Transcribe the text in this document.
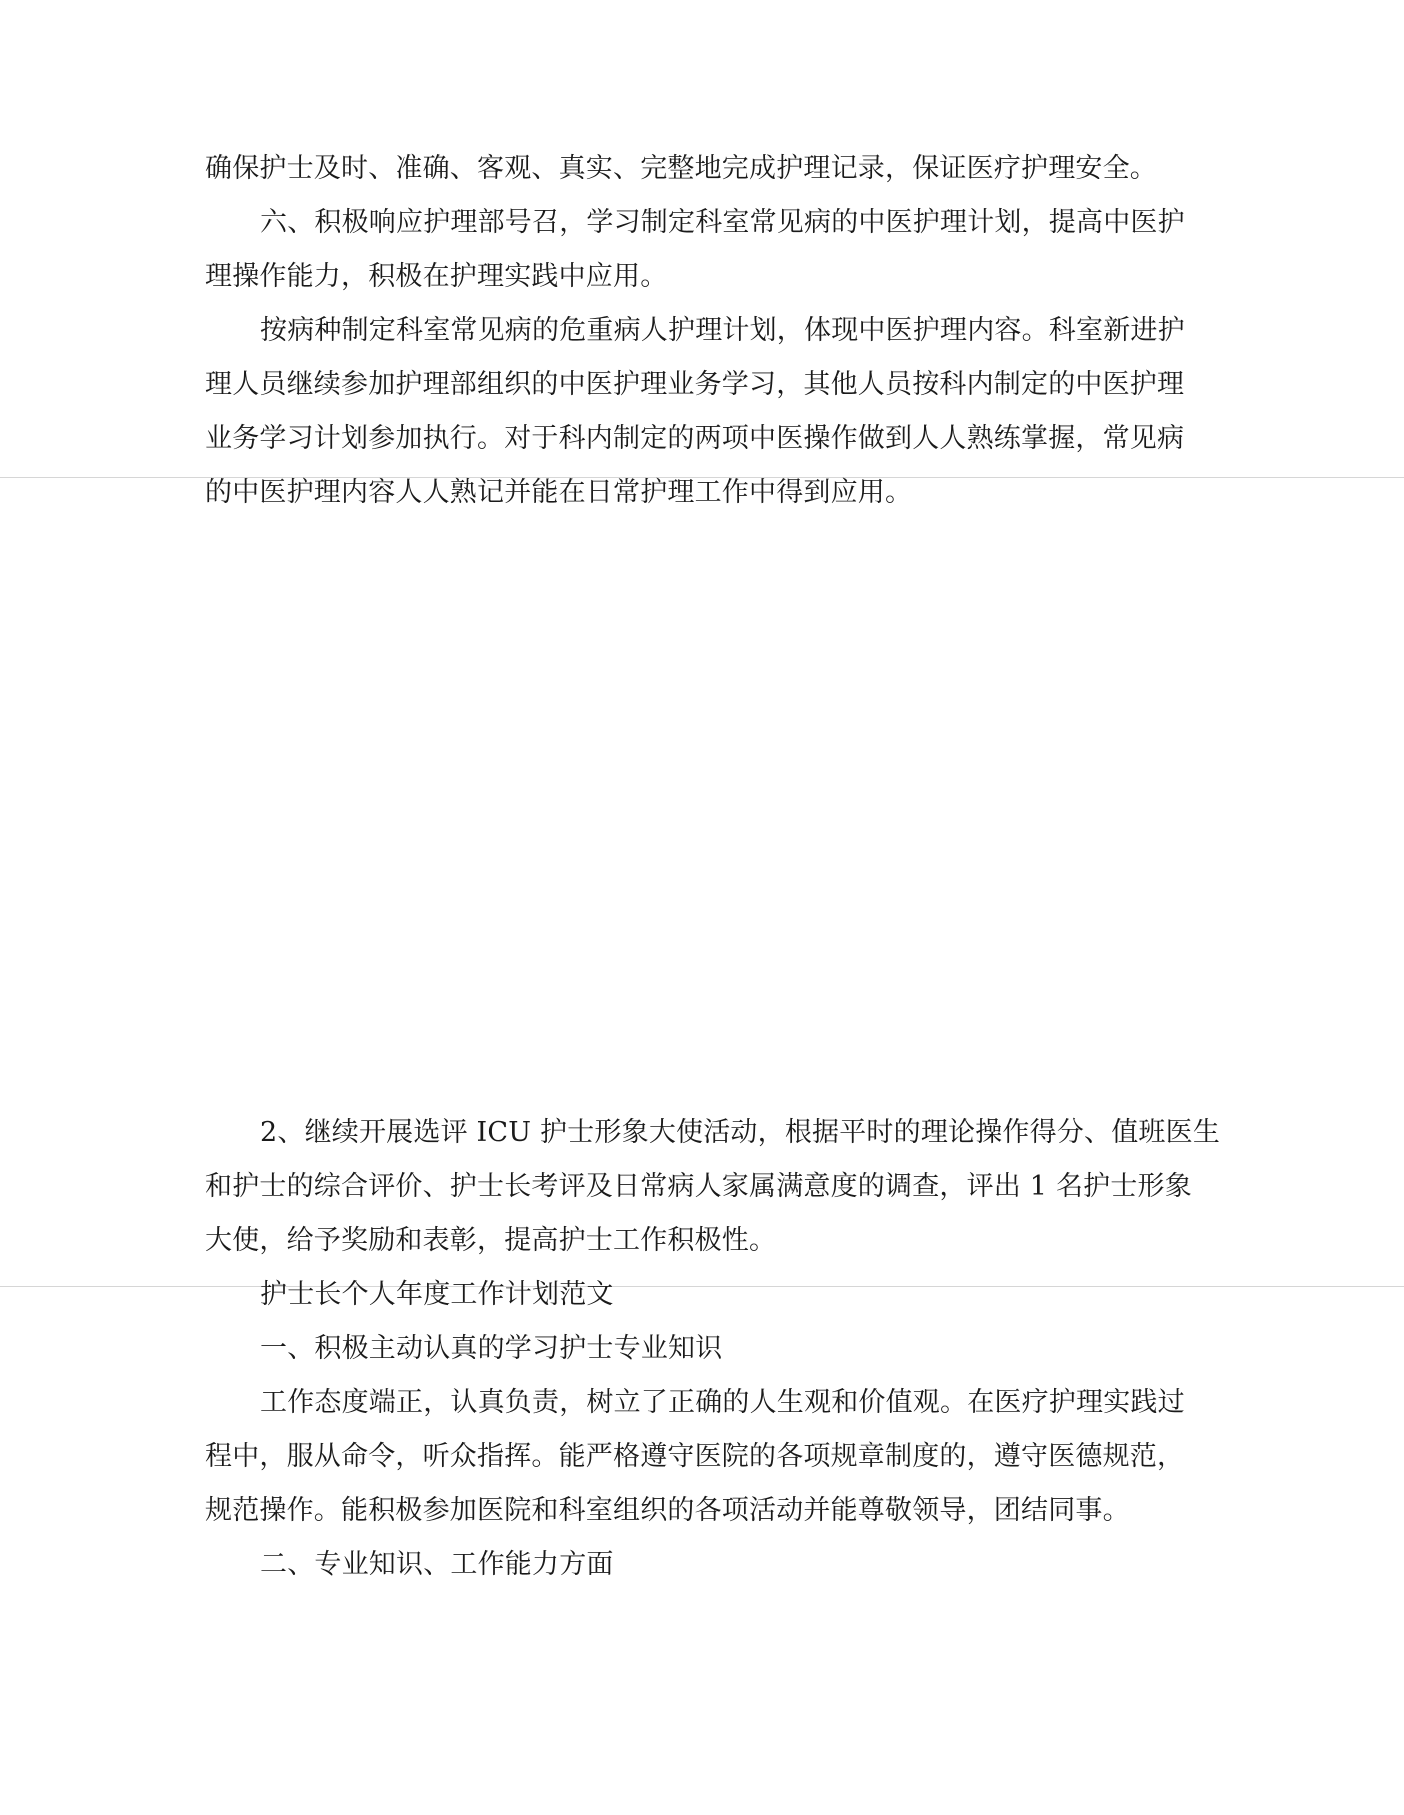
确保护士及时、准确、客观、真实、完整地完成护理记录，保证医疗护理安全。
六、积极响应护理部号召，学习制定科室常见病的中医护理计划，提高中医护
理操作能力，积极在护理实践中应用。
按病种制定科室常见病的危重病人护理计划，体现中医护理内容。科室新进护
理人员继续参加护理部组织的中医护理业务学习，其他人员按科内制定的中医护理
业务学习计划参加执行。对于科内制定的两项中医操作做到人人熟练掌握，常见病
的中医护理内容人人熟记并能在日常护理工作中得到应用。
2、继续开展选评 ICU 护士形象大使活动，根据平时的理论操作得分、值班医生
和护士的综合评价、护士长考评及日常病人家属满意度的调查，评出 1 名护士形象
大使，给予奖励和表彰，提高护士工作积极性。
护士长个人年度工作计划范文
一、积极主动认真的学习护士专业知识
工作态度端正，认真负责，树立了正确的人生观和价值观。在医疗护理实践过
程中，服从命令，听众指挥。能严格遵守医院的各项规章制度的，遵守医德规范，
规范操作。能积极参加医院和科室组织的各项活动并能尊敬领导，团结同事。
二、专业知识、工作能力方面
